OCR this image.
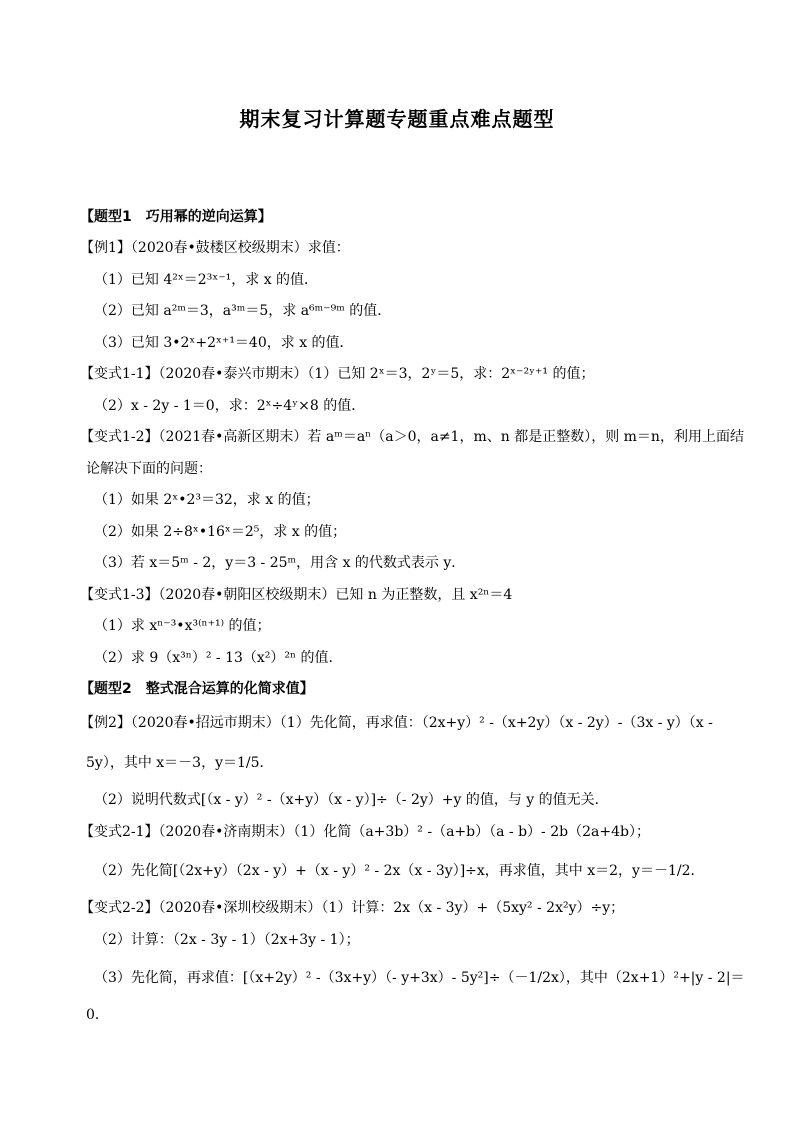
期末复习计算题专题重点难点题型
【题型1　巧用幂的逆向运算】
【例1】（2020春•鼓楼区校级期末）求值：
（1）已知 4²ˣ＝2³ˣ⁻¹，求 x 的值．
（2）已知 a²ᵐ＝3，a³ᵐ＝5，求 a⁶ᵐ⁻⁹ᵐ 的值．
（3）已知 3•2ˣ+2ˣ⁺¹＝40，求 x 的值．
【变式1-1】（2020春•泰兴市期末）（1）已知 2ˣ＝3，2ʸ＝5，求：2ˣ⁻²ʸ⁺¹ 的值；
（2）x - 2y - 1＝0，求：2ˣ÷4ʸ×8 的值．
【变式1-2】（2021春•高新区期末）若 aᵐ＝aⁿ（a＞0，a≠1，m、n 都是正整数），则 m＝n，利用上面结
论解决下面的问题：
（1）如果 2ˣ•2³＝32，求 x 的值；
（2）如果 2÷8ˣ•16ˣ＝2⁵，求 x 的值；
（3）若 x＝5ᵐ - 2，y＝3 - 25ᵐ，用含 x 的代数式表示 y．
【变式1-3】（2020春•朝阳区校级期末）已知 n 为正整数，且 x²ⁿ＝4
（1）求 xⁿ⁻³•x³⁽ⁿ⁺¹⁾ 的值；
（2）求 9（x³ⁿ）² - 13（x²）²ⁿ 的值．
【题型2　整式混合运算的化简求值】
【例2】（2020春•招远市期末）（1）先化简，再求值：（2x+y）² -（x+2y）（x - 2y）-（3x - y）（x -
5y），其中 x＝－3，y＝1/5．
（2）说明代数式[（x - y）² -（x+y）（x - y）]÷（- 2y）+y 的值，与 y 的值无关．
【变式2-1】（2020春•济南期末）（1）化简（a+3b）² -（a+b）（a - b）- 2b（2a+4b）；
（2）先化简[（2x+y）（2x - y）+（x - y）² - 2x（x - 3y）]÷x，再求值，其中 x＝2，y＝－1/2．
【变式2-2】（2020春•深圳校级期末）（1）计算：2x（x - 3y）+（5xy² - 2x²y）÷y；
（2）计算：（2x - 3y - 1）（2x+3y - 1）；
（3）先化简，再求值：[（x+2y）² -（3x+y）（- y+3x）- 5y²]÷（－1/2x），其中（2x+1）²+|y - 2|＝
0．
